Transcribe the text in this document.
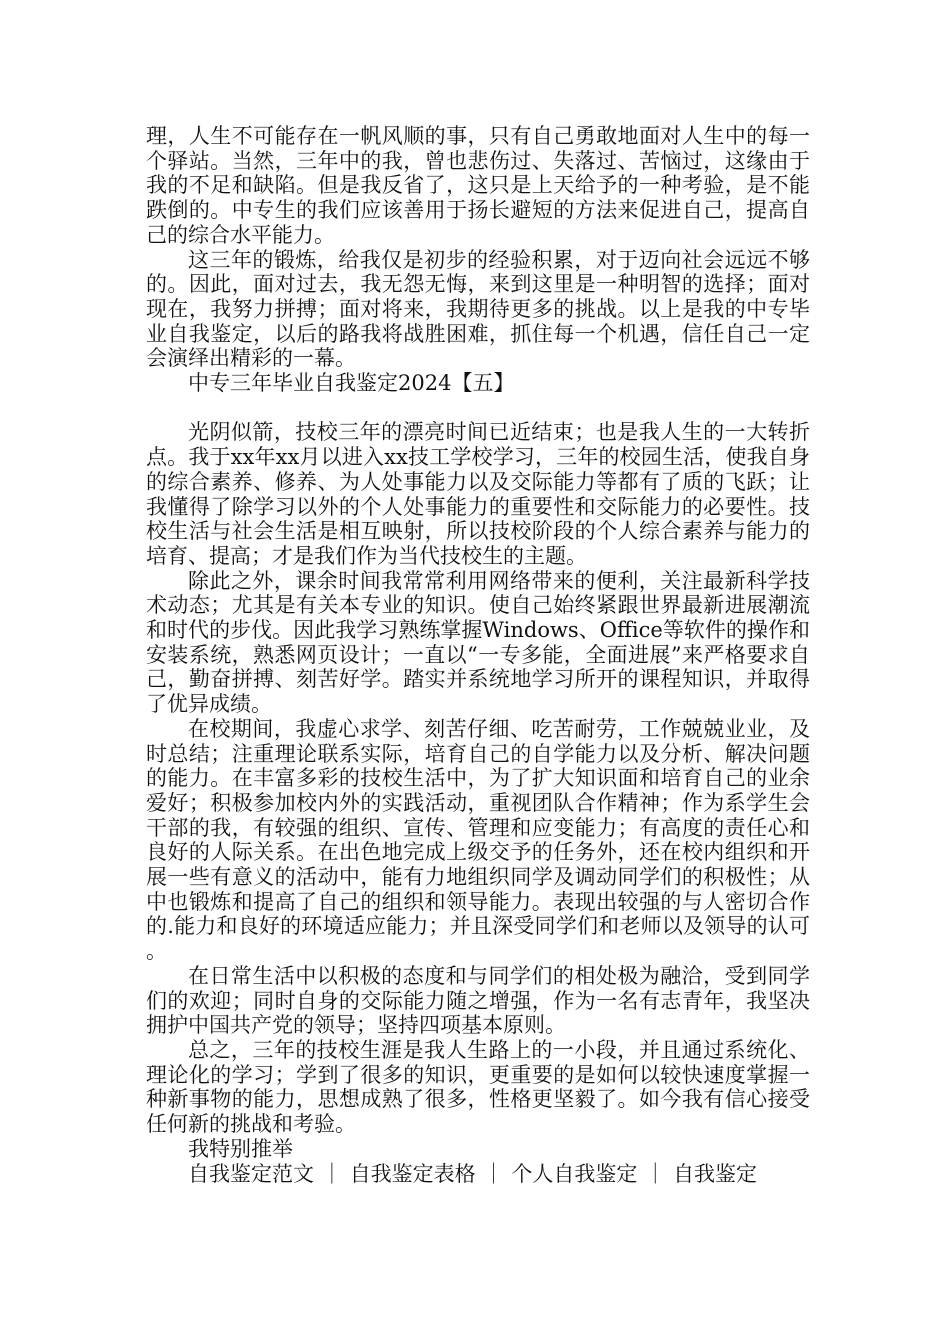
理，人生不可能存在一帆风顺的事，只有自己勇敢地面对人生中的每一个驿站。当然，三年中的我，曾也悲伤过、失落过、苦恼过，这缘由于我的不足和缺陷。但是我反省了，这只是上天给予的一种考验，是不能跌倒的。中专生的我们应该善用于扬长避短的方法来促进自己，提高自己的综合水平能力。

这三年的锻炼，给我仅是初步的经验积累，对于迈向社会远远不够的。因此，面对过去，我无怨无悔，来到这里是一种明智的选择；面对现在，我努力拼搏；面对将来，我期待更多的挑战。以上是我的中专毕业自我鉴定，以后的路我将战胜困难，抓住每一个机遇，信任自己一定会演绎出精彩的一幕。

中专三年毕业自我鉴定2024【五】

光阴似箭，技校三年的漂亮时间已近结束；也是我人生的一大转折点。我于xx年xx月以进入xx技工学校学习，三年的校园生活，使我自身的综合素养、修养、为人处事能力以及交际能力等都有了质的飞跃；让我懂得了除学习以外的个人处事能力的重要性和交际能力的必要性。技校生活与社会生活是相互映射，所以技校阶段的个人综合素养与能力的培育、提高；才是我们作为当代技校生的主题。

除此之外，课余时间我常常利用网络带来的便利，关注最新科学技术动态；尤其是有关本专业的知识。使自己始终紧跟世界最新进展潮流和时代的步伐。因此我学习熟练掌握Windows、Office等软件的操作和安装系统，熟悉网页设计；一直以“一专多能，全面进展”来严格要求自己，勤奋拼搏、刻苦好学。踏实并系统地学习所开的课程知识，并取得了优异成绩。

在校期间，我虚心求学、刻苦仔细、吃苦耐劳，工作兢兢业业，及时总结；注重理论联系实际，培育自己的自学能力以及分析、解决问题的能力。在丰富多彩的技校生活中，为了扩大知识面和培育自己的业余爱好；积极参加校内外的实践活动，重视团队合作精神；作为系学生会干部的我，有较强的组织、宣传、管理和应变能力；有高度的责任心和良好的人际关系。在出色地完成上级交予的任务外，还在校内组织和开展一些有意义的活动中，能有力地组织同学及调动同学们的积极性；从中也锻炼和提高了自己的组织和领导能力。表现出较强的与人密切合作的.能力和良好的环境适应能力；并且深受同学们和老师以及领导的认可。

在日常生活中以积极的态度和与同学们的相处极为融洽，受到同学们的欢迎；同时自身的交际能力随之增强，作为一名有志青年，我坚决拥护中国共产党的领导；坚持四项基本原则。

总之，三年的技校生涯是我人生路上的一小段，并且通过系统化、理论化的学习；学到了很多的知识，更重要的是如何以较快速度掌握一种新事物的能力，思想成熟了很多，性格更坚毅了。如今我有信心接受任何新的挑战和考验。

我特别推举

自我鉴定范文 ｜ 自我鉴定表格 ｜ 个人自我鉴定 ｜ 自我鉴定
